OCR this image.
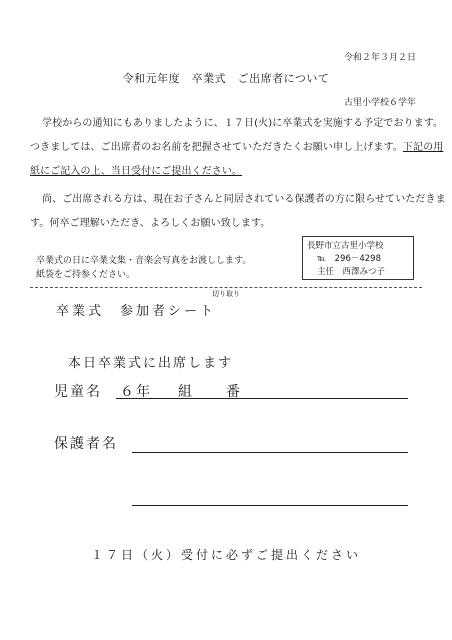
令和２年３月２日
令和元年度　卒業式　ご出席者について
古里小学校６学年
学校からの通知にもありましたように、１７日(火)に卒業式を実施する予定でおります。
つきましては、ご出席者のお名前を把握させていただきたくお願い申し上げます。下記の用
紙にご記入の上、当日受付にご提出ください。
尚、ご出席される方は、現在お子さんと同居されている保護者の方に限らせていただきま
す。何卒ご理解いただき、よろしくお願い致します。
卒業式の日に卒業文集・音楽会写真をお渡しします。
紙袋をご持参ください。
長野市立古里小学校
℡　296－4298
主任　西澤みつ子
切り取り
卒業式　参加者シート
本日卒業式に出席します
児童名 ６年 組 番
保護者名
１７日（火）受付に必ずご提出ください
